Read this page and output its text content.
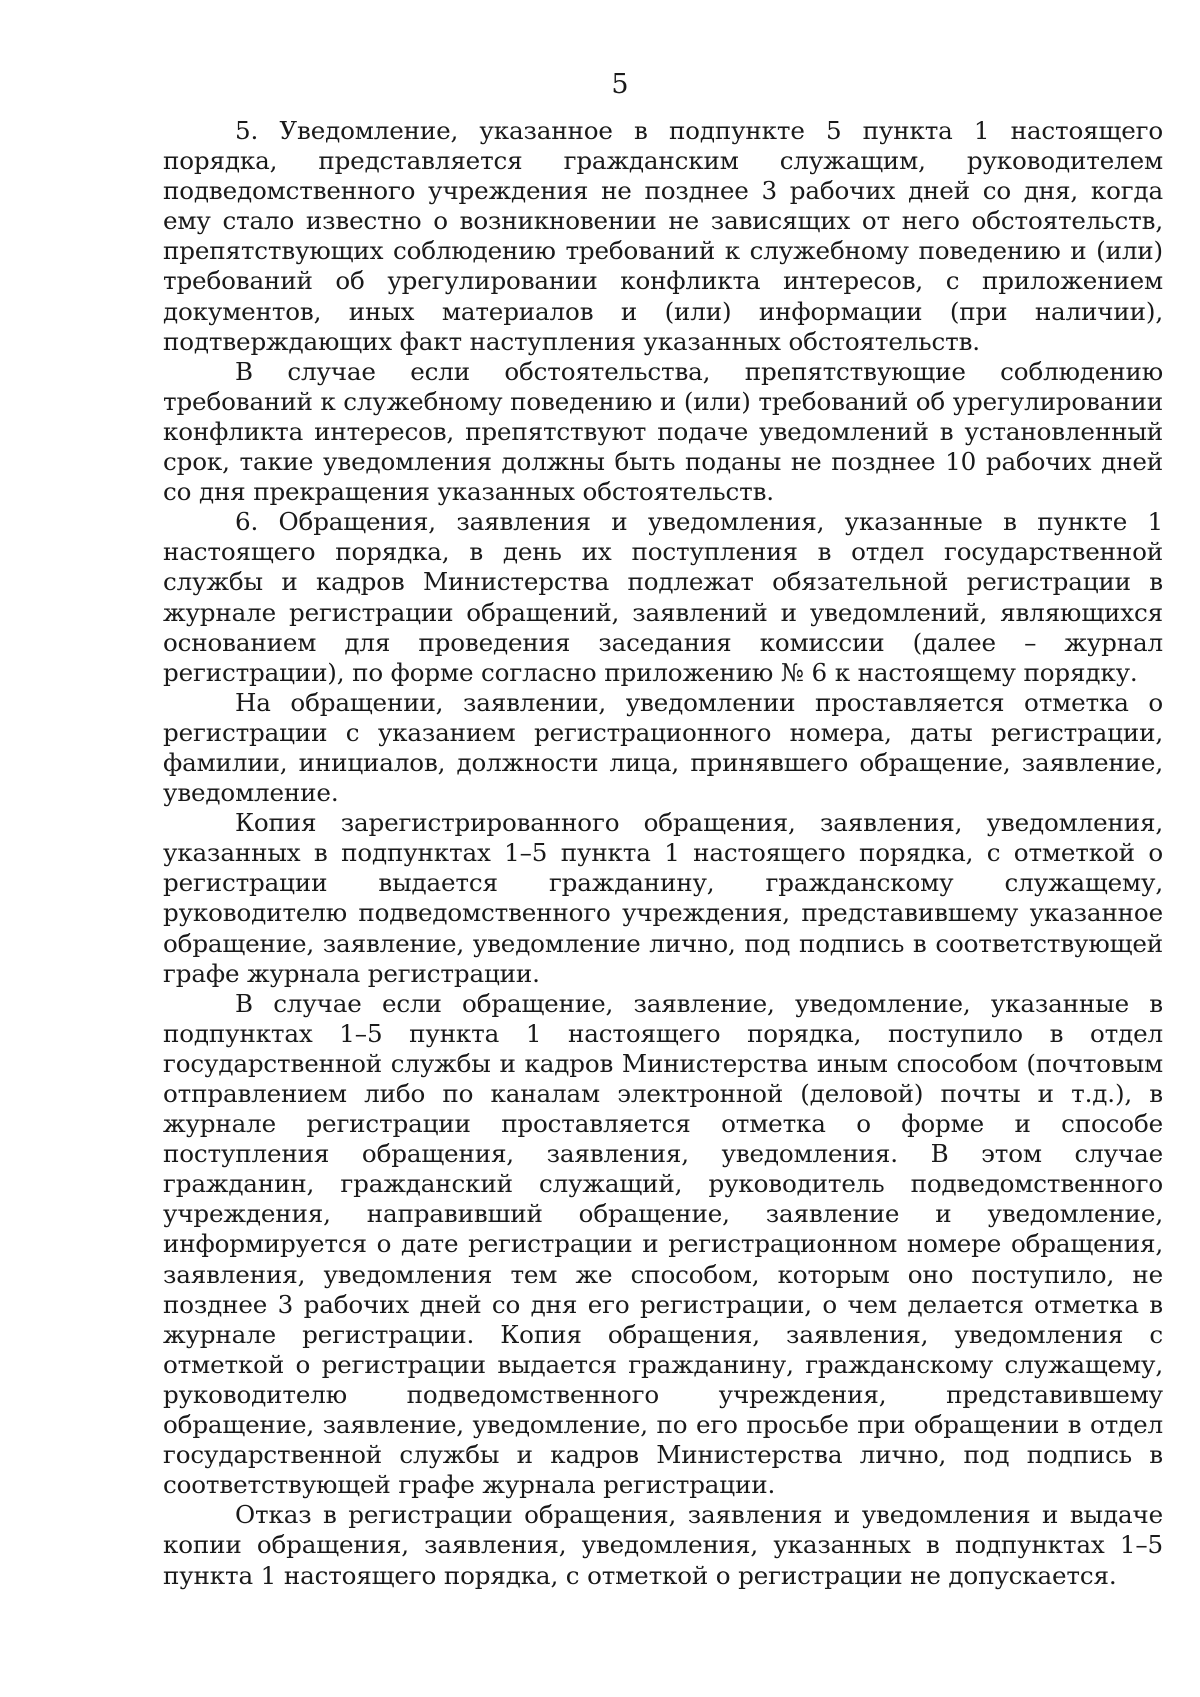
5

5. Уведомление, указанное в подпункте 5 пункта 1 настоящего порядка, представляется гражданским служащим, руководителем подведомственного учреждения не позднее 3 рабочих дней со дня, когда ему стало известно о возникновении не зависящих от него обстоятельств, препятствующих соблюдению требований к служебному поведению и (или) требований об урегулировании конфликта интересов, с приложением документов, иных материалов и (или) информации (при наличии), подтверждающих факт наступления указанных обстоятельств.

В случае если обстоятельства, препятствующие соблюдению требований к служебному поведению и (или) требований об урегулировании конфликта интересов, препятствуют подаче уведомлений в установленный срок, такие уведомления должны быть поданы не позднее 10 рабочих дней со дня прекращения указанных обстоятельств.

6. Обращения, заявления и уведомления, указанные в пункте 1 настоящего порядка, в день их поступления в отдел государственной службы и кадров Министерства подлежат обязательной регистрации в журнале регистрации обращений, заявлений и уведомлений, являющихся основанием для проведения заседания комиссии (далее – журнал регистрации), по форме согласно приложению № 6 к настоящему порядку.

На обращении, заявлении, уведомлении проставляется отметка о регистрации с указанием регистрационного номера, даты регистрации, фамилии, инициалов, должности лица, принявшего обращение, заявление, уведомление.

Копия зарегистрированного обращения, заявления, уведомления, указанных в подпунктах 1–5 пункта 1 настоящего порядка, с отметкой о регистрации выдается гражданину, гражданскому служащему, руководителю подведомственного учреждения, представившему указанное обращение, заявление, уведомление лично, под подпись в соответствующей графе журнала регистрации.

В случае если обращение, заявление, уведомление, указанные в подпунктах 1–5 пункта 1 настоящего порядка, поступило в отдел государственной службы и кадров Министерства иным способом (почтовым отправлением либо по каналам электронной (деловой) почты и т.д.), в журнале регистрации проставляется отметка о форме и способе поступления обращения, заявления, уведомления. В этом случае гражданин, гражданский служащий, руководитель подведомственного учреждения, направивший обращение, заявление и уведомление, информируется о дате регистрации и регистрационном номере обращения, заявления, уведомления тем же способом, которым оно поступило, не позднее 3 рабочих дней со дня его регистрации, о чем делается отметка в журнале регистрации. Копия обращения, заявления, уведомления с отметкой о регистрации выдается гражданину, гражданскому служащему, руководителю подведомственного учреждения, представившему обращение, заявление, уведомление, по его просьбе при обращении в отдел государственной службы и кадров Министерства лично, под подпись в соответствующей графе журнала регистрации.

Отказ в регистрации обращения, заявления и уведомления и выдаче копии обращения, заявления, уведомления, указанных в подпунктах 1–5 пункта 1 настоящего порядка, с отметкой о регистрации не допускается.
